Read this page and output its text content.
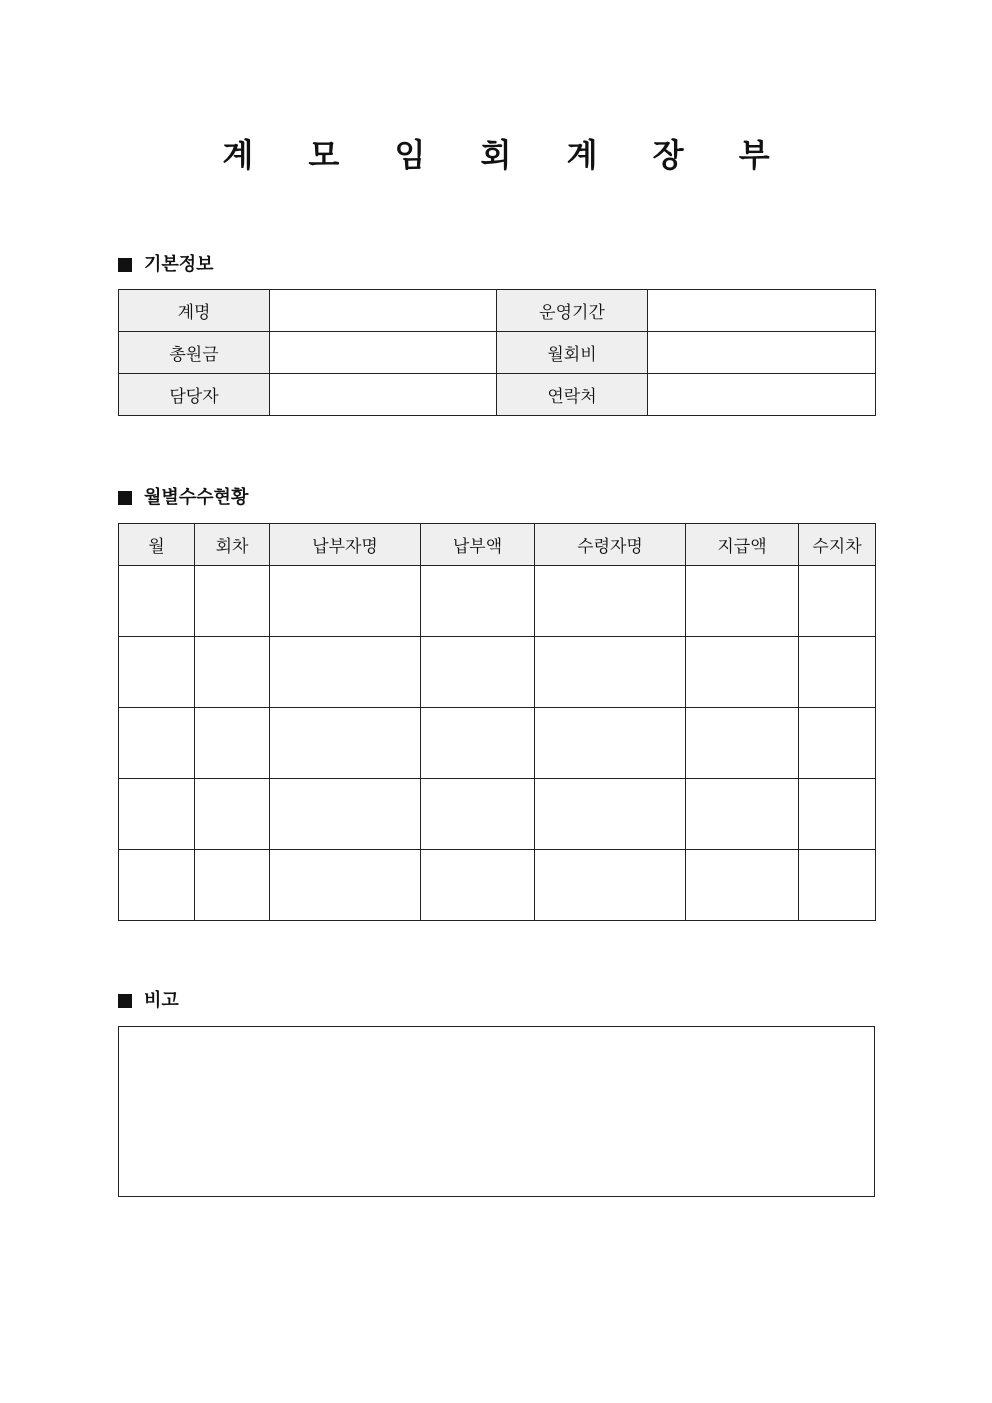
계 모 임 회 계 장 부
기본정보
계명		운영기간	
총원금		월회비	
담당자		연락처	
월별수수현황
월	회차	납부자명	납부액	수령자명	지급액	수지차

비고
